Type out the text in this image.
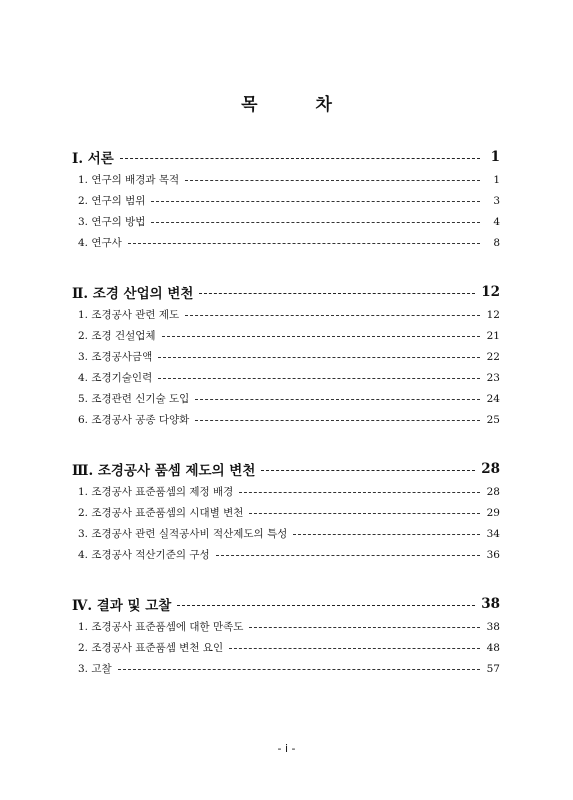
목 차
Ⅰ. 서론	1
1. 연구의 배경과 목적	1
2. 연구의 범위	3
3. 연구의 방법	4
4. 연구사	8
Ⅱ. 조경 산업의 변천	12
1. 조경공사 관련 제도	12
2. 조경 건설업체	21
3. 조경공사금액	22
4. 조경기술인력	23
5. 조경관련 신기술 도입	24
6. 조경공사 공종 다양화	25
Ⅲ. 조경공사 품셈 제도의 변천	28
1. 조경공사 표준품셈의 제정 배경	28
2. 조경공사 표준품셈의 시대별 변천	29
3. 조경공사 관련 실적공사비 적산제도의 특성	34
4. 조경공사 적산기준의 구성	36
Ⅳ. 결과 및 고찰	38
1. 조경공사 표준품셈에 대한 만족도	38
2. 조경공사 표준품셈 변천 요인	48
3. 고찰	57
- i -
